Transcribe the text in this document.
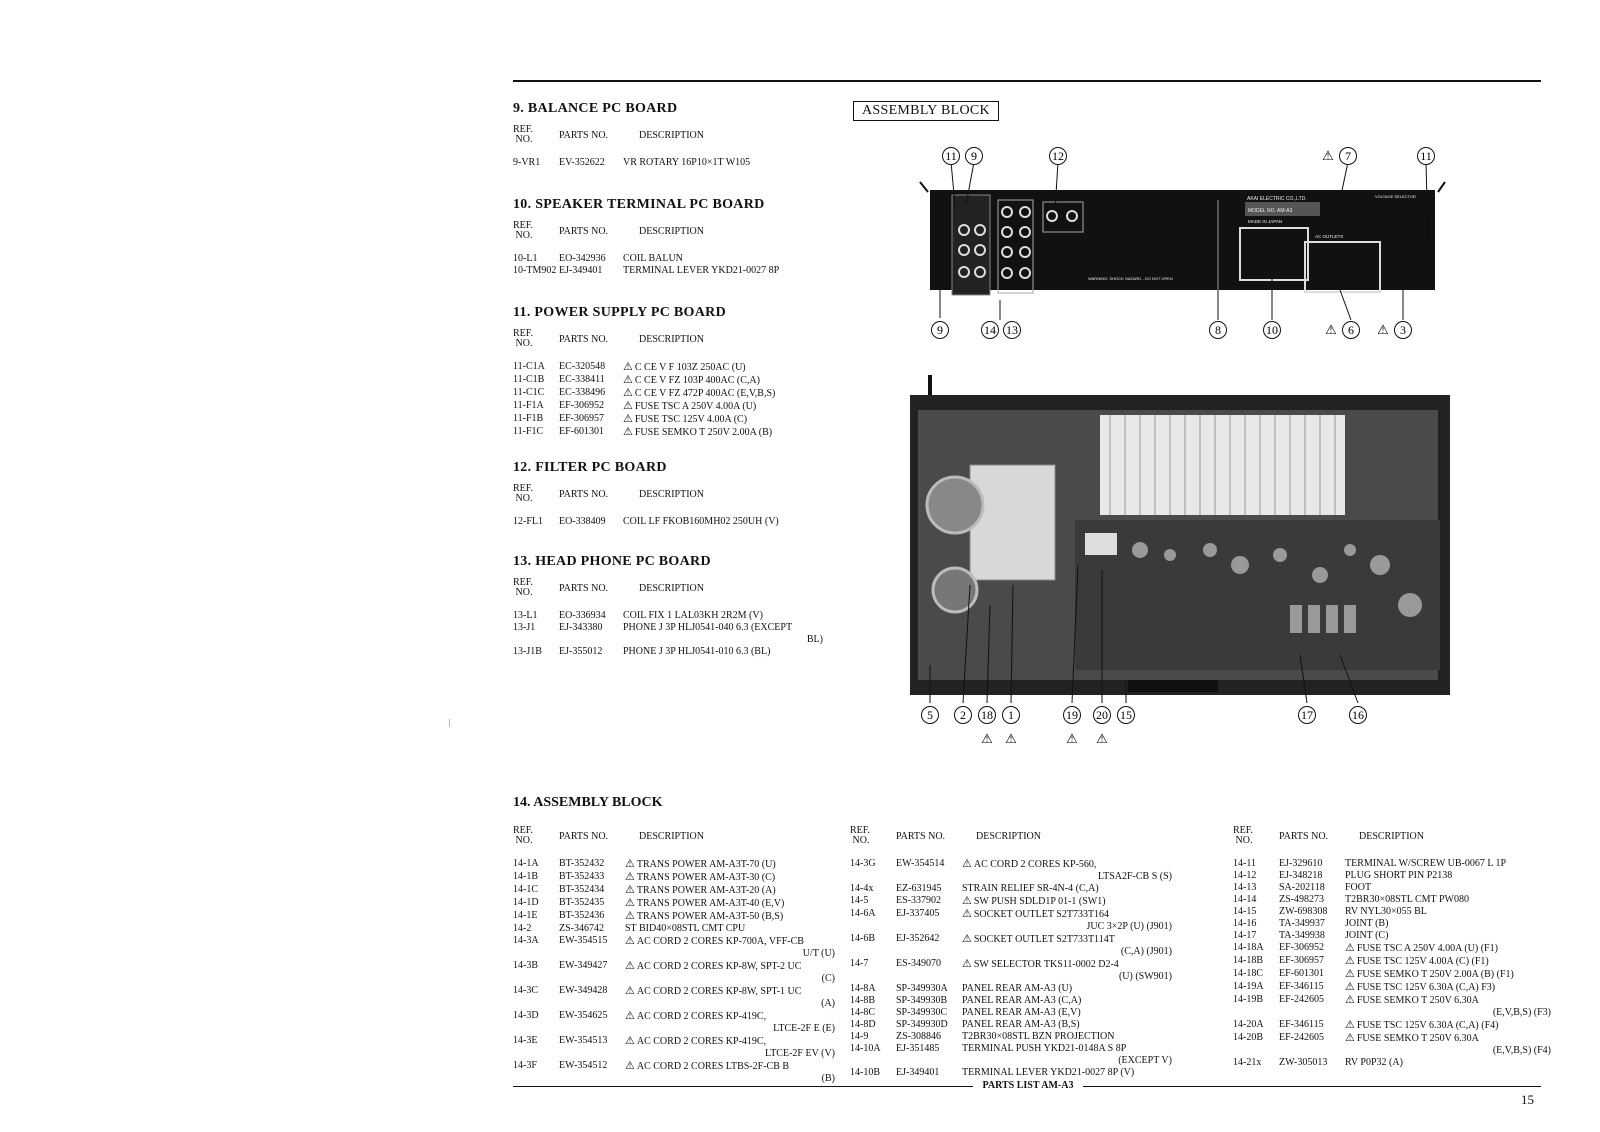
9. BALANCE PC BOARD
REF.
NO.	PARTS NO.	DESCRIPTION
9-VR1	EV-352622	VR ROTARY 16P10×1T W105
10. SPEAKER TERMINAL PC BOARD
REF.
NO.	PARTS NO.	DESCRIPTION
10-L1	EO-342936	COIL BALUN
10-TM902 EJ-349401	TERMINAL LEVER YKD21-0027 8P
11. POWER SUPPLY PC BOARD
REF.
NO.	PARTS NO.	DESCRIPTION
11-C1A	EC-320548	⚠ C CE V F 103Z 250AC (U)
11-C1B	EC-338411	⚠ C CE V FZ 103P 400AC (C,A)
11-C1C	EC-338496	⚠ C CE V FZ 472P 400AC (E,V,B,S)
11-F1A	EF-306952	⚠ FUSE TSC A 250V 4.00A (U)
11-F1B	EF-306957	⚠ FUSE TSC 125V 4.00A (C)
11-F1C	EF-601301	⚠ FUSE SEMKO T 250V 2.00A (B)
12. FILTER PC BOARD
REF.
NO.	PARTS NO.	DESCRIPTION
12-FL1	EO-338409	COIL LF FKOB160MH02 250UH (V)
13. HEAD PHONE PC BOARD
REF.
NO.	PARTS NO.	DESCRIPTION
13-L1	EO-336934	COIL FIX 1 LAL03KH 2R2M (V)
13-J1	EJ-343380	PHONE J 3P HLJ0541-040 6.3 (EXCEPT
BL)
13-J1B	EJ-355012	PHONE J 3P HLJ0541-010 6.3 (BL)
ASSEMBLY BLOCK
AKAI ELECTRIC CO.,LTD.
MODEL NO. AM-A3
MADE IN JAPAN
VOLTAGE SELECTOR
AC OUTLETS
WARNING: SHOCK HAZARD - DO NOT OPEN
11 9	12	⚠ 7	11
9	14 13	8	10	⚠ 6 ⚠ 3
5 2 18 1	19 20 15	17	16
⚠ ⚠	⚠ ⚠
14. ASSEMBLY BLOCK
REF.
NO.	PARTS NO.	DESCRIPTION
14-1A	BT-352432	⚠ TRANS POWER AM-A3T-70 (U)
14-1B	BT-352433	⚠ TRANS POWER AM-A3T-30 (C)
14-1C	BT-352434	⚠ TRANS POWER AM-A3T-20 (A)
14-1D	BT-352435	⚠ TRANS POWER AM-A3T-40 (E,V)
14-1E	BT-352436	⚠ TRANS POWER AM-A3T-50 (B,S)
14-2	ZS-346742	ST BID40×08STL CMT CPU
14-3A	EW-354515	⚠ AC CORD 2 CORES KP-700A, VFF-CB
U/T (U)
14-3B	EW-349427	⚠ AC CORD 2 CORES KP-8W, SPT-2 UC
(C)
14-3C	EW-349428	⚠ AC CORD 2 CORES KP-8W, SPT-1 UC
(A)
14-3D	EW-354625	⚠ AC CORD 2 CORES KP-419C,
LTCE-2F E (E)
14-3E	EW-354513	⚠ AC CORD 2 CORES KP-419C,
LTCE-2F EV (V)
14-3F	EW-354512	⚠ AC CORD 2 CORES LTBS-2F-CB B
(B)
REF.
NO.	PARTS NO.	DESCRIPTION
14-3G	EW-354514	⚠ AC CORD 2 CORES KP-560,
LTSA2F-CB S (S)
14-4x	EZ-631945	STRAIN RELIEF SR-4N-4 (C,A)
14-5	ES-337902	⚠ SW PUSH SDLD1P 01-1 (SW1)
14-6A	EJ-337405	⚠ SOCKET OUTLET S2T733T164
JUC 3×2P (U) (J901)
14-6B	EJ-352642	⚠ SOCKET OUTLET S2T733T114T
(C,A) (J901)
14-7	ES-349070	⚠ SW SELECTOR TKS11-0002 D2-4
(U) (SW901)
14-8A	SP-349930A	PANEL REAR AM-A3 (U)
14-8B	SP-349930B	PANEL REAR AM-A3 (C,A)
14-8C	SP-349930C	PANEL REAR AM-A3 (E,V)
14-8D	SP-349930D	PANEL REAR AM-A3 (B,S)
14-9	ZS-308846	T2BR30×08STL BZN PROJECTION
14-10A	EJ-351485	TERMINAL PUSH YKD21-0148A S 8P
(EXCEPT V)
14-10B	EJ-349401	TERMINAL LEVER YKD21-0027 8P (V)
REF.
NO.	PARTS NO.	DESCRIPTION
14-11	EJ-329610	TERMINAL W/SCREW UB-0067 L 1P
14-12	EJ-348218	PLUG SHORT PIN P2138
14-13	SA-202118	FOOT
14-14	ZS-498273	T2BR30×08STL CMT PW080
14-15	ZW-698308	RV NYL30×055 BL
14-16	TA-349937	JOINT (B)
14-17	TA-349938	JOINT (C)
14-18A	EF-306952	⚠ FUSE TSC A 250V 4.00A (U) (F1)
14-18B	EF-306957	⚠ FUSE TSC 125V 4.00A (C) (F1)
14-18C	EF-601301	⚠ FUSE SEMKO T 250V 2.00A (B) (F1)
14-19A	EF-346115	⚠ FUSE TSC 125V 6.30A (C,A) F3)
14-19B	EF-242605	⚠ FUSE SEMKO T 250V 6.30A
(E,V,B,S) (F3)
14-20A	EF-346115	⚠ FUSE TSC 125V 6.30A (C,A) (F4)
14-20B	EF-242605	⚠ FUSE SEMKO T 250V 6.30A
(E,V,B,S) (F4)
14-21x	ZW-305013	RV P0P32 (A)
PARTS LIST AM-A3
15
